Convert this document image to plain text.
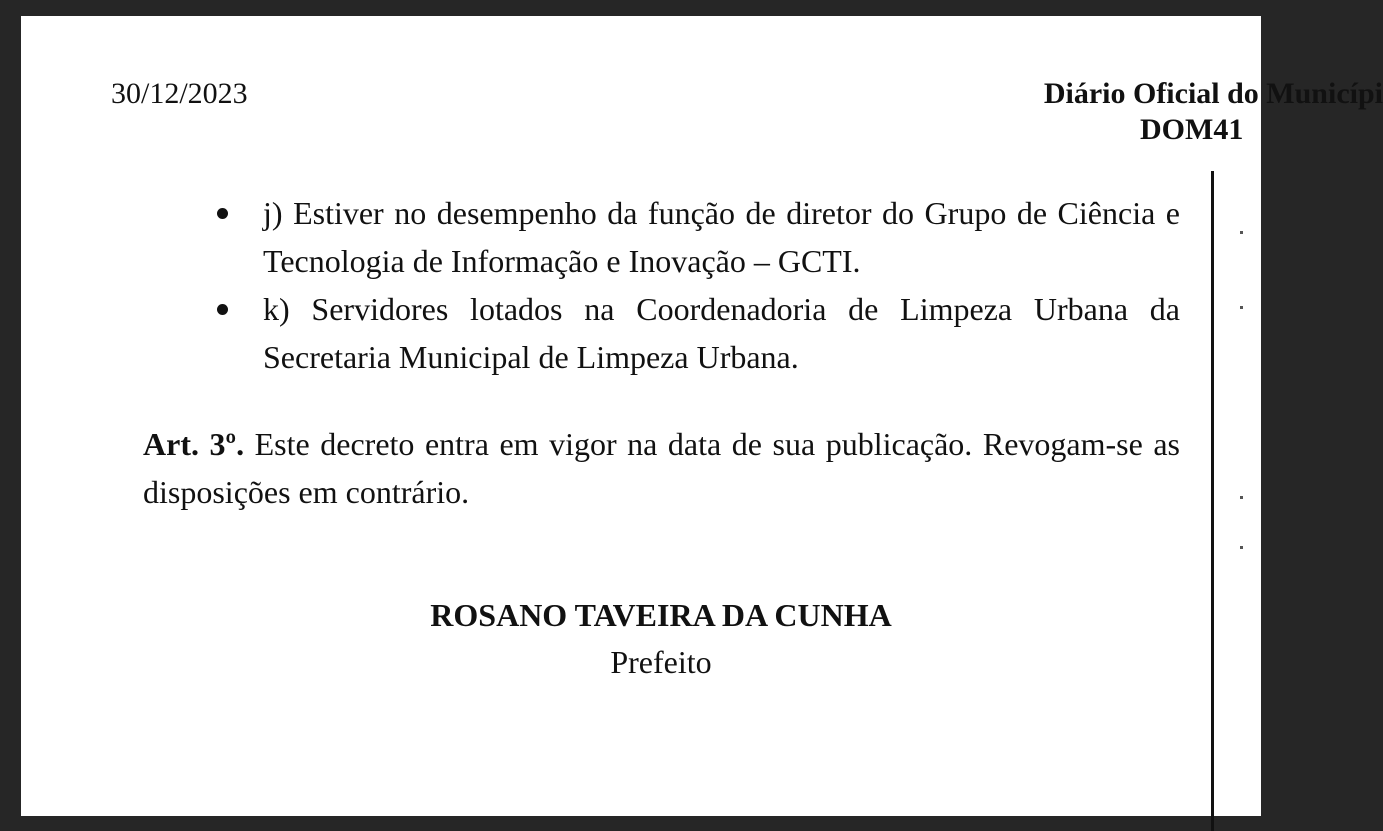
30/12/2023	Diário Oficial do Municípi
DOM41
j) Estiver no desempenho da função de diretor do Grupo de Ciência e Tecnologia de Informação e Inovação – GCTI.
k) Servidores lotados na Coordenadoria de Limpeza Urbana da Secretaria Municipal de Limpeza Urbana.

Art. 3º. Este decreto entra em vigor na data de sua publicação. Revogam-se as disposições em contrário.

ROSANO TAVEIRA DA CUNHA
Prefeito
